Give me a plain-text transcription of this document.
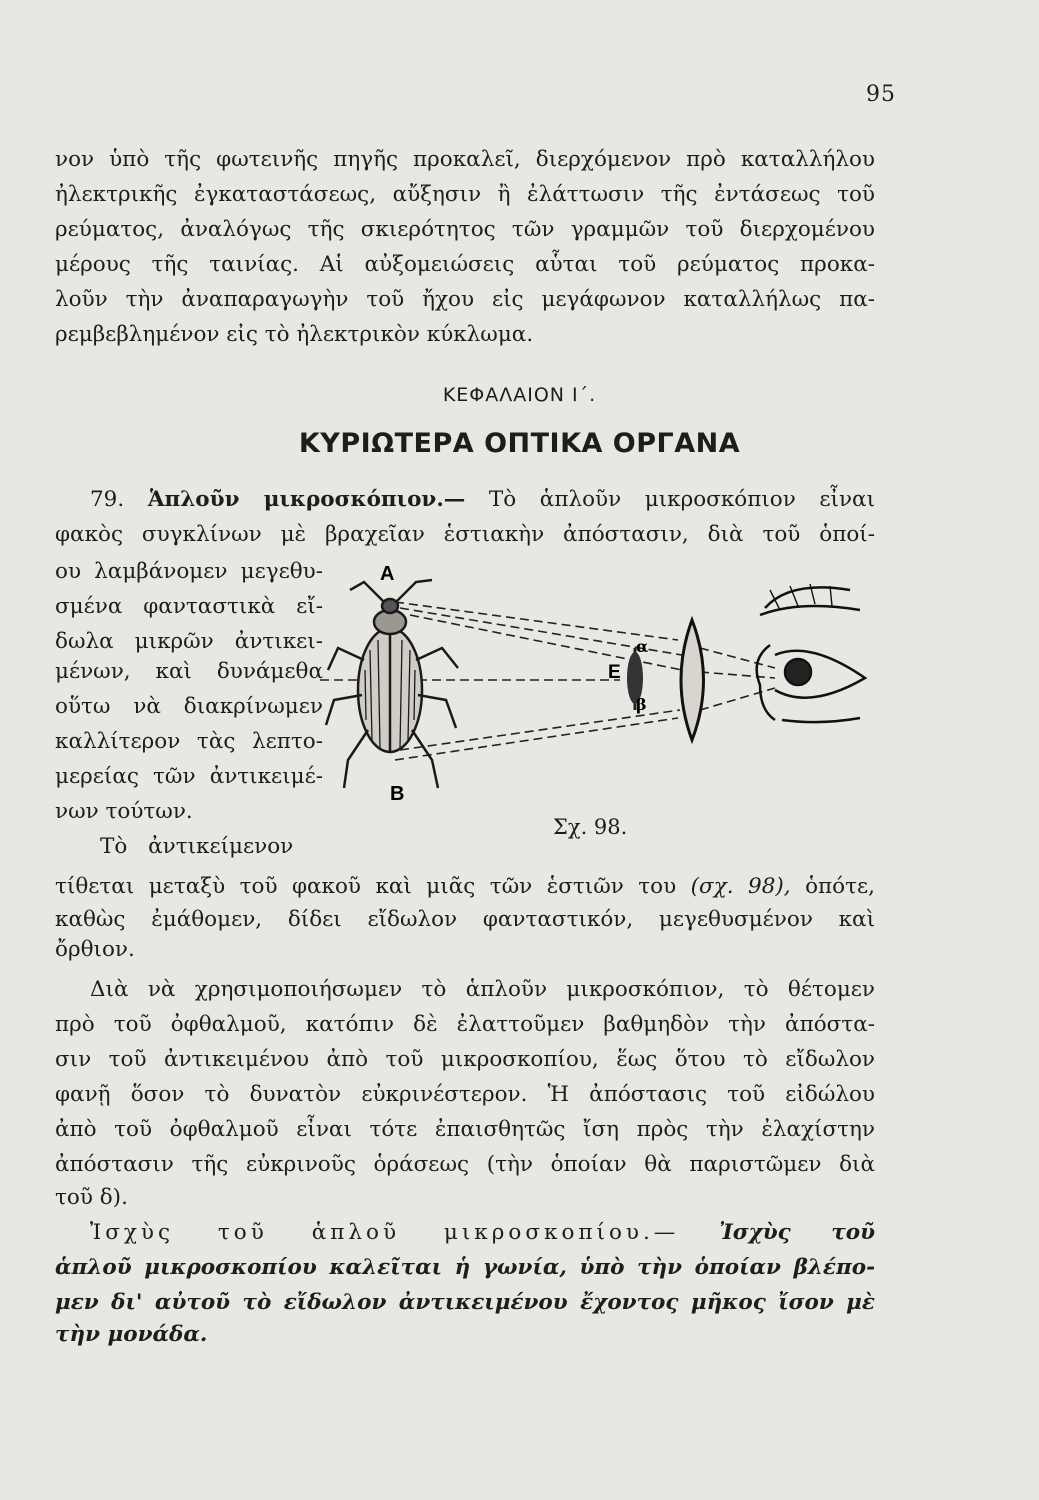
95
νον ὑπὸ τῆς φωτεινῆς πηγῆς προκαλεῖ, διερχόμενον πρὸ καταλλήλου
ἠλεκτρικῆς ἐγκαταστάσεως, αὔξησιν ἢ ἐλάττωσιν τῆς ἐντάσεως τοῦ
ρεύματος, ἀναλόγως τῆς σκιερότητος τῶν γραμμῶν τοῦ διερχομένου
μέρους τῆς ταινίας. Αἱ αὐξομειώσεις αὗται τοῦ ρεύματος προκα-
λοῦν τὴν ἀναπαραγωγὴν τοῦ ἤχου εἰς μεγάφωνον καταλλήλως πα-
ρεμβεβλημένον εἰς τὸ ἠλεκτρικὸν κύκλωμα.
ΚΕΦΑΛΑΙΟΝ Ι΄.
ΚΥΡΙΩΤΕΡΑ ΟΠΤΙΚΑ ΟΡΓΑΝΑ
79. Ἁπλοῦν μικροσκόπιον.— Τὸ ἁπλοῦν μικροσκόπιον εἶναι
φακὸς συγκλίνων μὲ βραχεῖαν ἑστιακὴν ἀπόστασιν, διὰ τοῦ ὁποί-
ου λαμβάνομεν μεγεθυ-
σμένα φανταστικὰ εἴ-
δωλα μικρῶν ἀντικει-
μένων, καὶ δυνάμεθα
οὕτω νὰ διακρίνωμεν
καλλίτερον τὰς λεπτο-
μερείας τῶν ἀντικειμέ-
νων τούτων.
Τὸ ἀντικείμενον
τίθεται μεταξὺ τοῦ φακοῦ καὶ μιᾶς τῶν ἑστιῶν του (σχ. 98), ὁπότε,
καθὼς ἐμάθομεν, δίδει εἴδωλον φανταστικόν, μεγεθυσμένον καὶ
ὄρθιον.
A
B
E
α
β
Σχ. 98.
Διὰ νὰ χρησιμοποιήσωμεν τὸ ἁπλοῦν μικροσκόπιον, τὸ θέτομεν
πρὸ τοῦ ὀφθαλμοῦ, κατόπιν δὲ ἐλαττοῦμεν βαθμηδὸν τὴν ἀπόστα-
σιν τοῦ ἀντικειμένου ἀπὸ τοῦ μικροσκοπίου, ἕως ὅτου τὸ εἴδωλον
φανῇ ὅσον τὸ δυνατὸν εὐκρινέστερον. Ἡ ἀπόστασις τοῦ εἰδώλου
ἀπὸ τοῦ ὀφθαλμοῦ εἶναι τότε ἐπαισθητῶς ἴση πρὸς τὴν ἐλαχίστην
ἀπόστασιν τῆς εὐκρινοῦς ὁράσεως (τὴν ὁποίαν θὰ παριστῶμεν διὰ
τοῦ δ).
Ἰσχὺς τοῦ ἁπλοῦ μικροσκοπίου.— Ἰσχὺς τοῦ
ἁπλοῦ μικροσκοπίου καλεῖται ἡ γωνία, ὑπὸ τὴν ὁποίαν βλέπο-
μεν δι' αὐτοῦ τὸ εἴδωλον ἀντικειμένου ἔχοντος μῆκος ἴσον μὲ
τὴν μονάδα.
